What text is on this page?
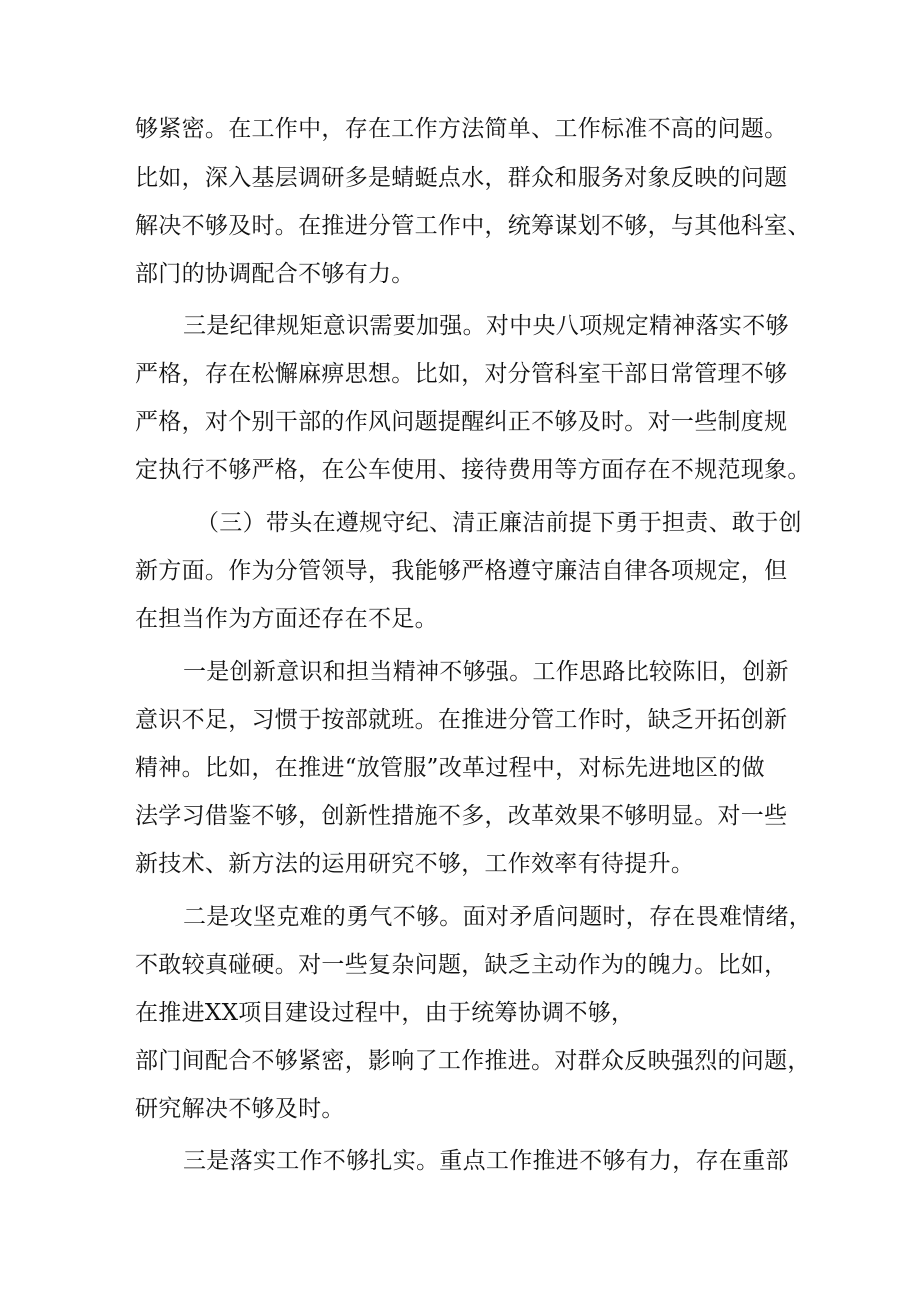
够紧密。在工作中，存在工作方法简单、工作标准不高的问题。
比如，深入基层调研多是蜻蜓点水，群众和服务对象反映的问题
解决不够及时。在推进分管工作中，统筹谋划不够，与其他科室、
部门的协调配合不够有力。
三是纪律规矩意识需要加强。对中央八项规定精神落实不够
严格，存在松懈麻痹思想。比如，对分管科室干部日常管理不够
严格，对个别干部的作风问题提醒纠正不够及时。对一些制度规
定执行不够严格，在公车使用、接待费用等方面存在不规范现象。
（三）带头在遵规守纪、清正廉洁前提下勇于担责、敢于创
新方面。作为分管领导，我能够严格遵守廉洁自律各项规定，但
在担当作为方面还存在不足。
一是创新意识和担当精神不够强。工作思路比较陈旧，创新
意识不足，习惯于按部就班。在推进分管工作时，缺乏开拓创新
精神。比如，在推进“放管服”改革过程中，对标先进地区的做
法学习借鉴不够，创新性措施不多，改革效果不够明显。对一些
新技术、新方法的运用研究不够，工作效率有待提升。
二是攻坚克难的勇气不够。面对矛盾问题时，存在畏难情绪，
不敢较真碰硬。对一些复杂问题，缺乏主动作为的魄力。比如，
在推进XX项目建设过程中，由于统筹协调不够，
部门间配合不够紧密，影响了工作推进。对群众反映强烈的问题，
研究解决不够及时。
三是落实工作不够扎实。重点工作推进不够有力，存在重部
